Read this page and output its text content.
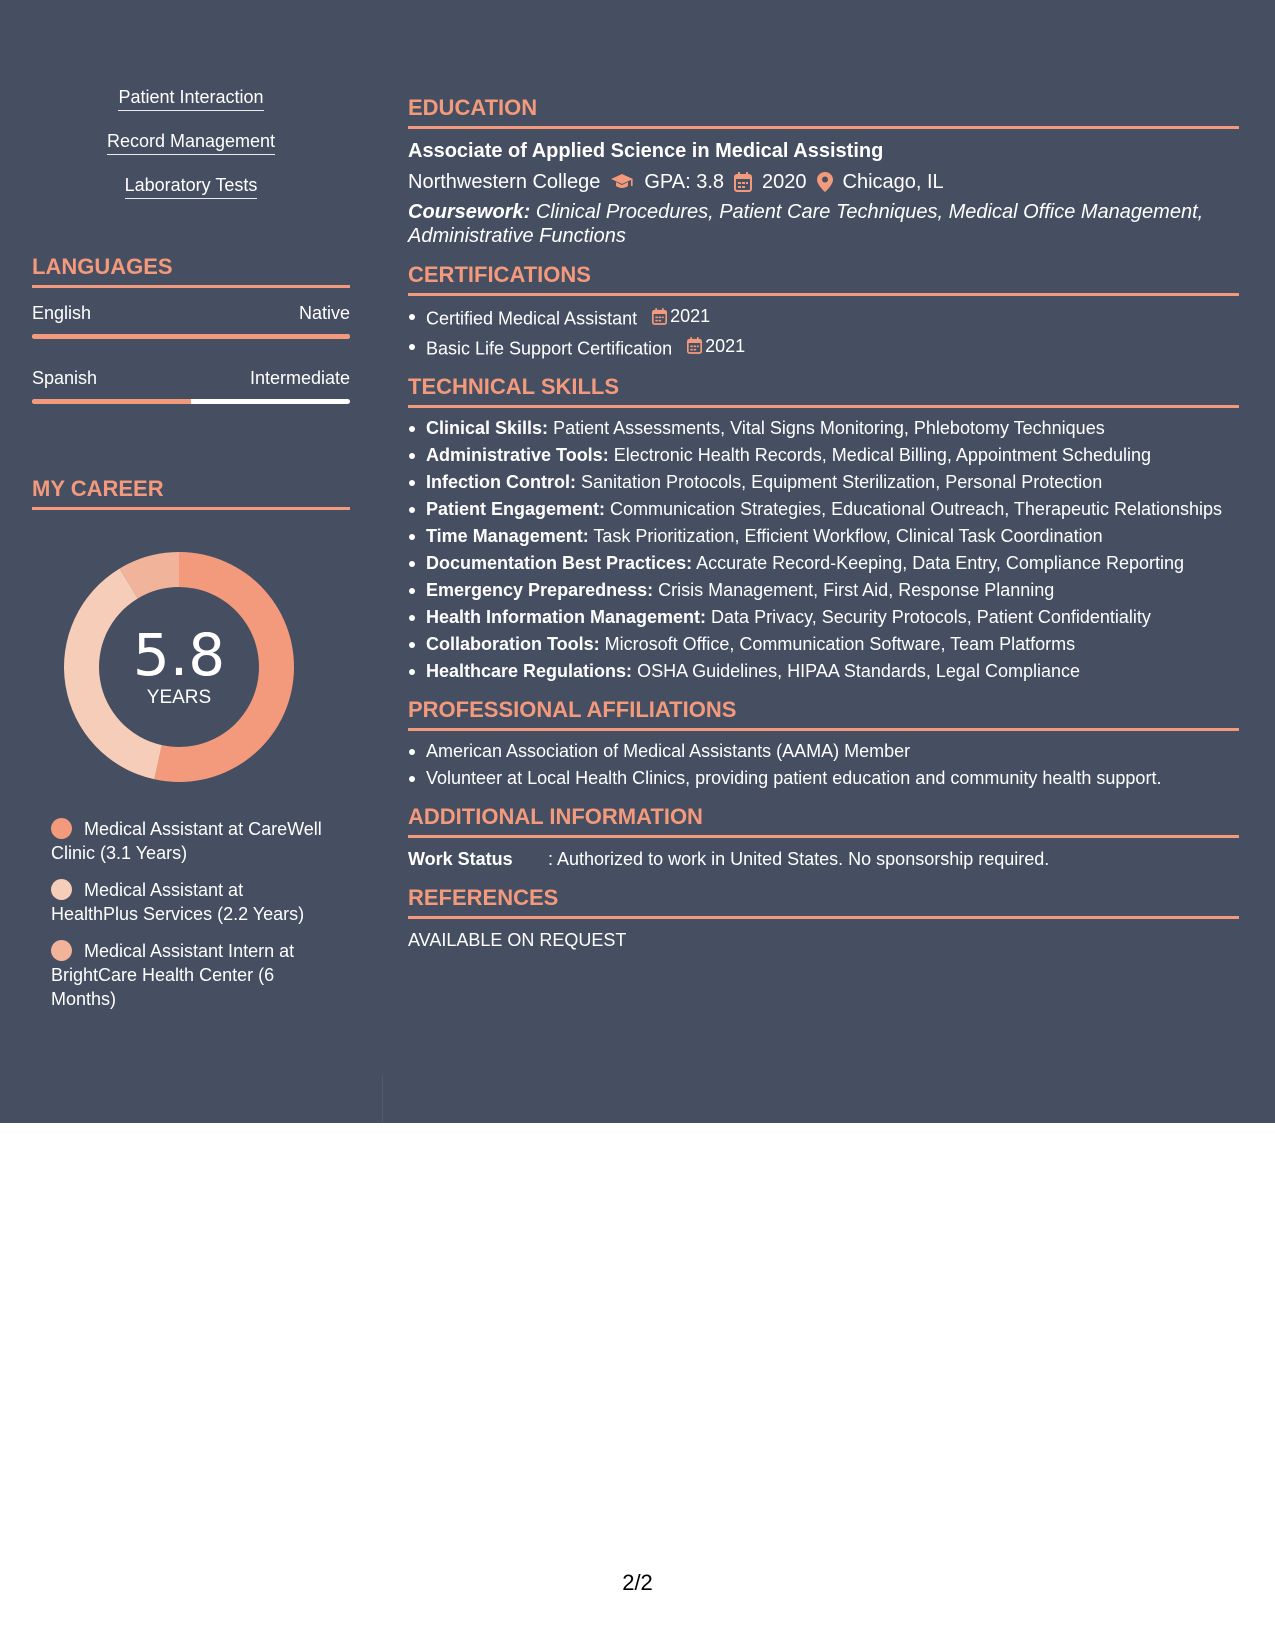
Patient Interaction
Record Management
Laboratory Tests
LANGUAGES
English	Native
Spanish	Intermediate
MY CAREER
5.8
YEARS
Medical Assistant at CareWell Clinic (3.1 Years)
Medical Assistant at HealthPlus Services (2.2 Years)
Medical Assistant Intern at BrightCare Health Center (6 Months)
EDUCATION
Associate of Applied Science in Medical Assisting
Northwestern College GPA: 3.8 2020 Chicago, IL
Coursework: Clinical Procedures, Patient Care Techniques, Medical Office Management, Administrative Functions
CERTIFICATIONS
Certified Medical Assistant 2021
Basic Life Support Certification 2021
TECHNICAL SKILLS
Clinical Skills: Patient Assessments, Vital Signs Monitoring, Phlebotomy Techniques
Administrative Tools: Electronic Health Records, Medical Billing, Appointment Scheduling
Infection Control: Sanitation Protocols, Equipment Sterilization, Personal Protection
Patient Engagement: Communication Strategies, Educational Outreach, Therapeutic Relationships
Time Management: Task Prioritization, Efficient Workflow, Clinical Task Coordination
Documentation Best Practices: Accurate Record-Keeping, Data Entry, Compliance Reporting
Emergency Preparedness: Crisis Management, First Aid, Response Planning
Health Information Management: Data Privacy, Security Protocols, Patient Confidentiality
Collaboration Tools: Microsoft Office, Communication Software, Team Platforms
Healthcare Regulations: OSHA Guidelines, HIPAA Standards, Legal Compliance
PROFESSIONAL AFFILIATIONS
American Association of Medical Assistants (AAMA) Member
Volunteer at Local Health Clinics, providing patient education and community health support.
ADDITIONAL INFORMATION
Work Status	: Authorized to work in United States. No sponsorship required.
REFERENCES
AVAILABLE ON REQUEST
2/2
